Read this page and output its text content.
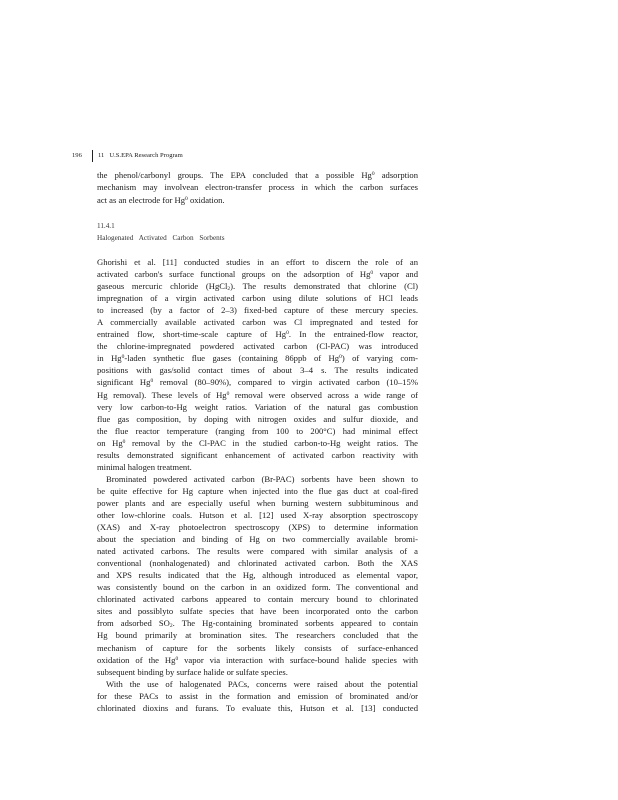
196 11 U.S.EPA Research Program
the phenol/carbonyl groups. The EPA concluded that a possible Hg$^0$ adsorption
mechanism may involvean electron-transfer process in which the carbon surfaces
act as an electrode for Hg$^0$ oxidation.
11.4.1
Halogenated Activated Carbon Sorbents
Ghorishi et al. [11] conducted studies in an effort to discern the role of an
activated carbon's surface functional groups on the adsorption of Hg$^0$ vapor and
gaseous mercuric chloride (HgCl$_2$). The results demonstrated that chlorine (Cl)
impregnation of a virgin activated carbon using dilute solutions of HCl leads
to increased (by a factor of 2–3) fixed-bed capture of these mercury species.
A commercially available activated carbon was Cl impregnated and tested for
entrained flow, short-time-scale capture of Hg$^0$. In the entrained-flow reactor,
the chlorine-impregnated powdered activated carbon (Cl-PAC) was introduced
in Hg$^0$-laden synthetic flue gases (containing 86ppb of Hg$^0$) of varying com-
positions with gas/solid contact times of about 3–4 s. The results indicated
significant Hg$^0$ removal (80–90%), compared to virgin activated carbon (10–15%
Hg removal). These levels of Hg$^0$ removal were observed across a wide range of
very low carbon-to-Hg weight ratios. Variation of the natural gas combustion
flue gas composition, by doping with nitrogen oxides and sulfur dioxide, and
the flue reactor temperature (ranging from 100 to 200°C) had minimal effect
on Hg$^0$ removal by the Cl-PAC in the studied carbon-to-Hg weight ratios. The
results demonstrated significant enhancement of activated carbon reactivity with
minimal halogen treatment.
Brominated powdered activated carbon (Br-PAC) sorbents have been shown to
be quite effective for Hg capture when injected into the flue gas duct at coal-fired
power plants and are especially useful when burning western subbituminous and
other low-chlorine coals. Hutson et al. [12] used X-ray absorption spectroscopy
(XAS) and X-ray photoelectron spectroscopy (XPS) to determine information
about the speciation and binding of Hg on two commercially available bromi-
nated activated carbons. The results were compared with similar analysis of a
conventional (nonhalogenated) and chlorinated activated carbon. Both the XAS
and XPS results indicated that the Hg, although introduced as elemental vapor,
was consistently bound on the carbon in an oxidized form. The conventional and
chlorinated activated carbons appeared to contain mercury bound to chlorinated
sites and possiblyto sulfate species that have been incorporated onto the carbon
from adsorbed $SO_2$. The Hg-containing brominated sorbents appeared to contain
Hg bound primarily at bromination sites. The researchers concluded that the
mechanism of capture for the sorbents likely consists of surface-enhanced
oxidation of the Hg$^0$ vapor via interaction with surface-bound halide species with
subsequent binding by surface halide or sulfate species.
With the use of halogenated PACs, concerns were raised about the potential
for these PACs to assist in the formation and emission of brominated and/or
chlorinated dioxins and furans. To evaluate this, Hutson et al. [13] conducted
